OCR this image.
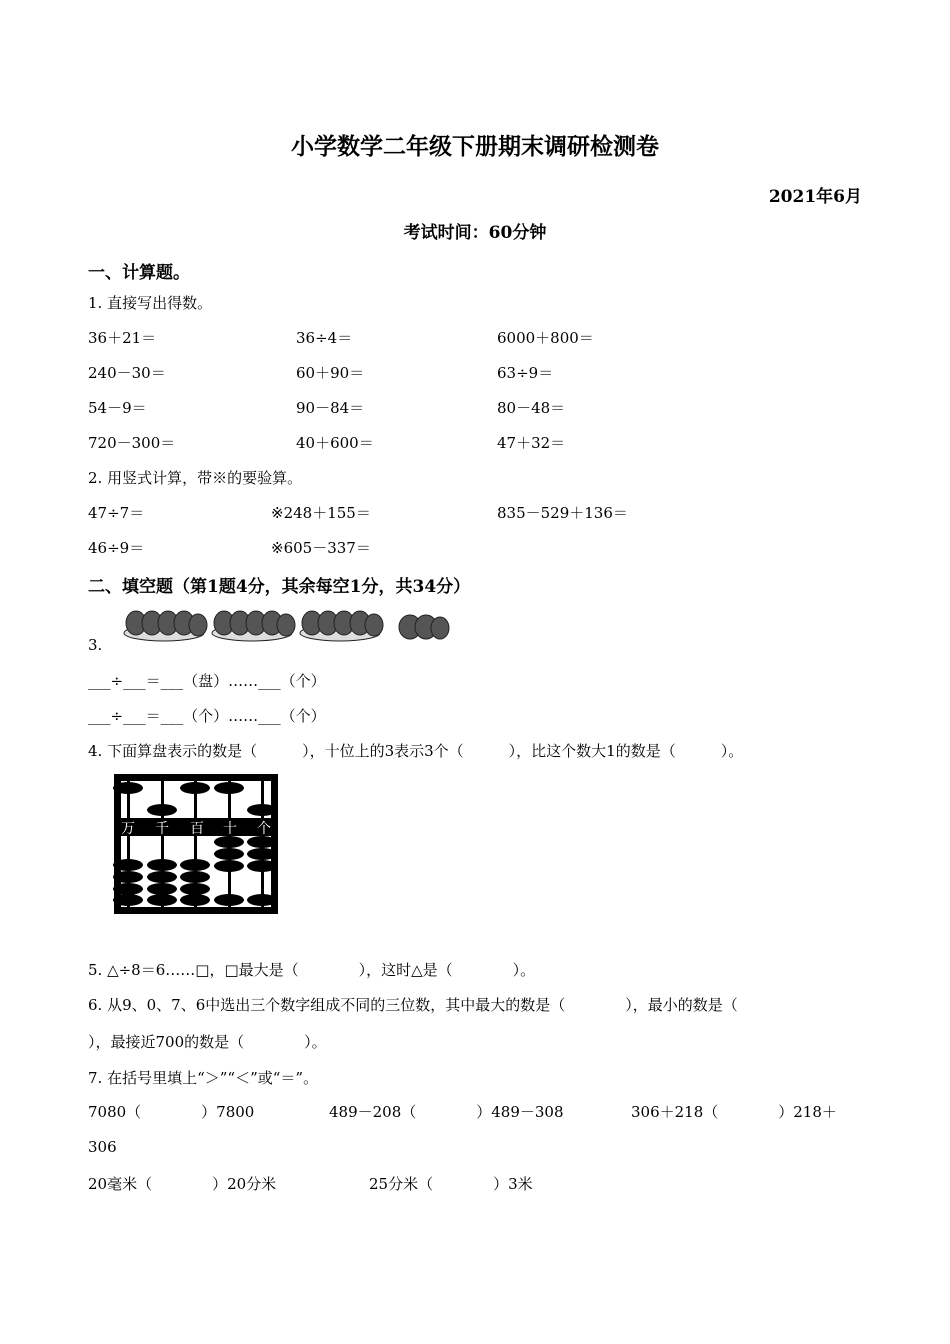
小学数学二年级下册期末调研检测卷
2021年6月
考试时间：60分钟
一、计算题。
1. 直接写出得数。
36＋21＝	36÷4＝	6000＋800＝
240－30＝	60＋90＝	63÷9＝
54－9＝	90－84＝	80－48＝
720－300＝	40＋600＝	47＋32＝
2. 用竖式计算，带※的要验算。
47÷7＝	※248＋155＝	835－529＋136＝
46÷9＝	※605－337＝
二、填空题（第1题4分，其余每空1分，共34分）
3.
___÷___＝___（盘）……___（个）
___÷___＝___（个）……___（个）
4. 下面算盘表示的数是（　　　），十位上的3表示3个（　　　），比这个数大1的数是（　　　）。
万 千 百 十 个
5. △÷8＝6……□，□最大是（　　　　），这时△是（　　　　）。
6. 从9、0、7、6中选出三个数字组成不同的三位数，其中最大的数是（　　　　），最小的数是（
），最接近700的数是（　　　　）。
7. 在括号里填上“＞”“＜”或“＝”。
7080（　　　　）7800	489－208（　　　　）489－308	306＋218（　　　　）218＋
306
20毫米（　　　　）20分米	25分米（　　　　）3米
